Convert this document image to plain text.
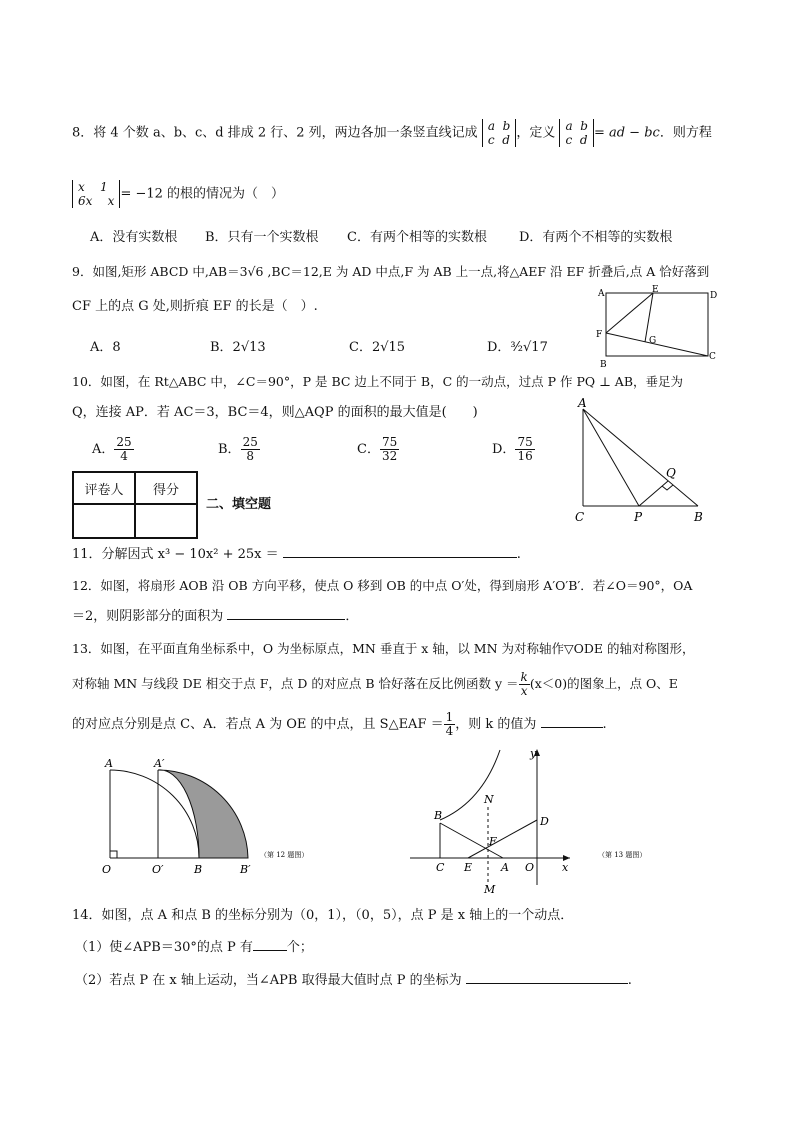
8．将 4 个数 a、b、c、d 排成 2 行、2 列，两边各加一条竖直线记成 a b
c d ，定义 a b
c d = ad − bc．则方程
x 1
6x x = −12 的根的情况为（　）
A．没有实数根 B．只有一个实数根 C．有两个相等的实数根 D．有两个不相等的实数根
9．如图,矩形 ABCD 中,AB＝3√6 ,BC＝12,E 为 AD 中点,F 为 AB 上一点,将△AEF 沿 EF 折叠后,点 A 恰好落到
CF 上的点 G 处,则折痕 EF 的长是（　）.
A．8	B．2√13	C．2√15	D．³⁄₂√17
A	E
D
F
G
B
C
10．如图，在 Rt△ABC 中，∠C＝90°，P 是 BC 边上不同于 B，C 的一动点，过点 P 作 PQ ⊥ AB，垂足为
Q，连接 AP．若 AC＝3，BC＝4，则△AQP 的面积的最大值是(　　)
A． $\frac{25}{4}$	B． $\frac{25}{8}$	C． $\frac{75}{32}$	D． $\frac{75}{16}$
A
Q
C	P	B
评卷人	得分

二、填空题
11．分解因式 x³ − 10x² + 25x ＝	.
12．如图，将扇形 AOB 沿 OB 方向平移，使点 O 移到 OB 的中点 O′处，得到扇形 A′O′B′．若∠O＝90°，OA
＝2，则阴影部分的面积为	．
13．如图，在平面直角坐标系中，O 为坐标原点，MN 垂直于 x 轴，以 MN 为对称轴作▽ODE 的轴对称图形，
对称轴 MN 与线段 DE 相交于点 F，点 D 的对应点 B 恰好落在反比例函数 $y = \frac{k}{x} (x<0)$的图象上，点 O、E
的对应点分别是点 C、A．若点 A 为 OE 的中点，且 S△EAF ＝ $\frac{1}{4}$ ，则 k 的值为	.
A	A′
O	O′	B	B′
（第 12 题图）
y
x
N
B	D
F
C E	A O
M
（第 13 题图）
14．如图，点 A 和点 B 的坐标分别为（0，1），（0，5），点 P 是 x 轴上的一个动点．
（1）使∠APB＝30°的点 P 有	个；
（2）若点 P 在 x 轴上运动，当∠APB 取得最大值时点 P 的坐标为	.
